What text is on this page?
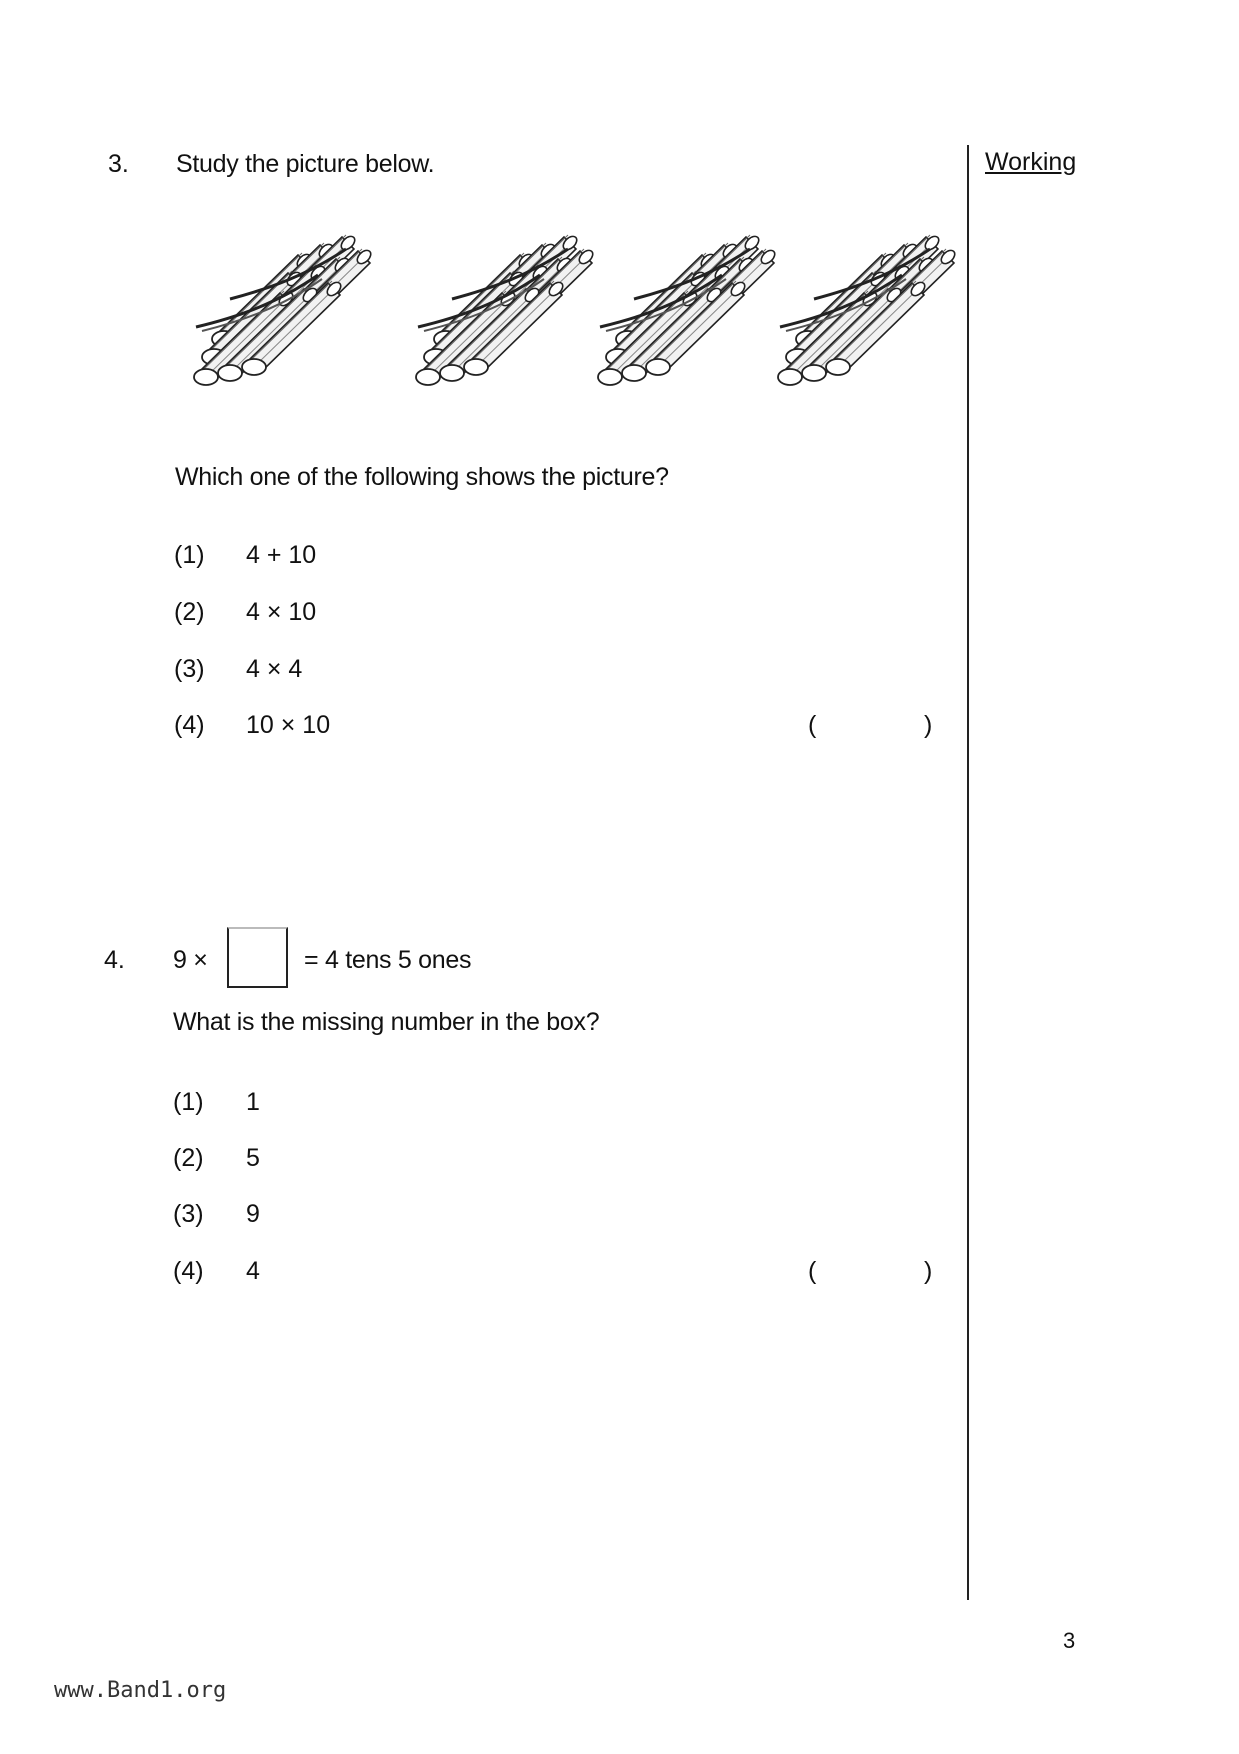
Working
3. Study the picture below.
Which one of the following shows the picture?
(1) 4 + 10
(2) 4 × 10
(3) 4 × 4
(4) 10 × 10	(	)
4. 9 ×	= 4 tens 5 ones
What is the missing number in the box?
(1) 1
(2) 5
(3) 9
(4) 4	(	)
3
www.Band1.org
